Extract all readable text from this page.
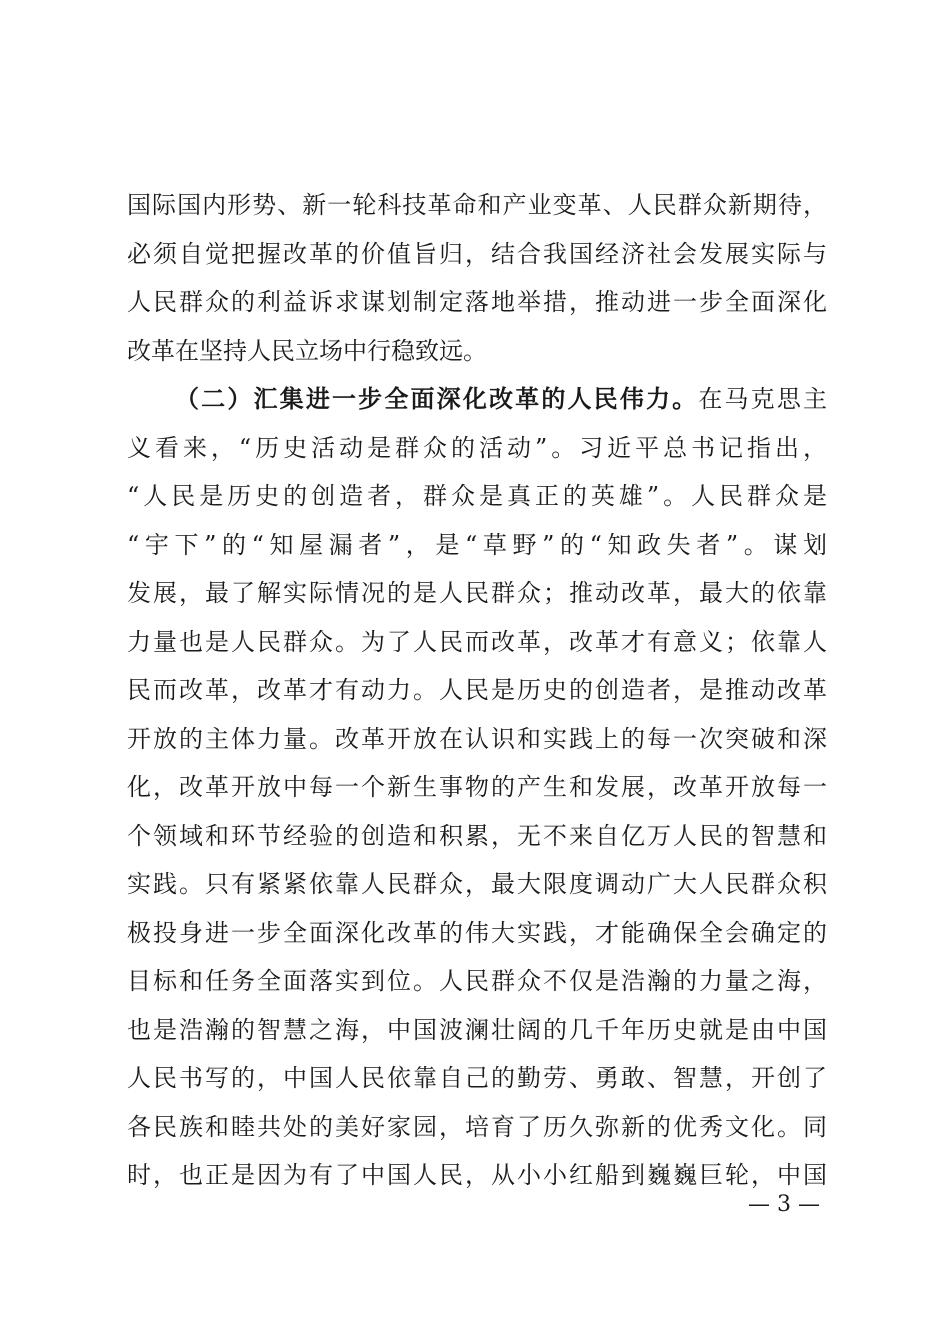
国际国内形势、新一轮科技革命和产业变革、人民群众新期待，
必须自觉把握改革的价值旨归，结合我国经济社会发展实际与
人民群众的利益诉求谋划制定落地举措，推动进一步全面深化
改革在坚持人民立场中行稳致远。
（二）汇集进一步全面深化改革的人民伟力。在马克思主
义看来，“历史活动是群众的活动”。习近平总书记指出，
“人民是历史的创造者，群众是真正的英雄”。人民群众是
“宇下”的“知屋漏者”，是“草野”的“知政失者”。谋划
发展，最了解实际情况的是人民群众；推动改革，最大的依靠
力量也是人民群众。为了人民而改革，改革才有意义；依靠人
民而改革，改革才有动力。人民是历史的创造者，是推动改革
开放的主体力量。改革开放在认识和实践上的每一次突破和深
化，改革开放中每一个新生事物的产生和发展，改革开放每一
个领域和环节经验的创造和积累，无不来自亿万人民的智慧和
实践。只有紧紧依靠人民群众，最大限度调动广大人民群众积
极投身进一步全面深化改革的伟大实践，才能确保全会确定的
目标和任务全面落实到位。人民群众不仅是浩瀚的力量之海，
也是浩瀚的智慧之海，中国波澜壮阔的几千年历史就是由中国
人民书写的，中国人民依靠自己的勤劳、勇敢、智慧，开创了
各民族和睦共处的美好家园，培育了历久弥新的优秀文化。同
时，也正是因为有了中国人民，从小小红船到巍巍巨轮，中国
— 3 —
